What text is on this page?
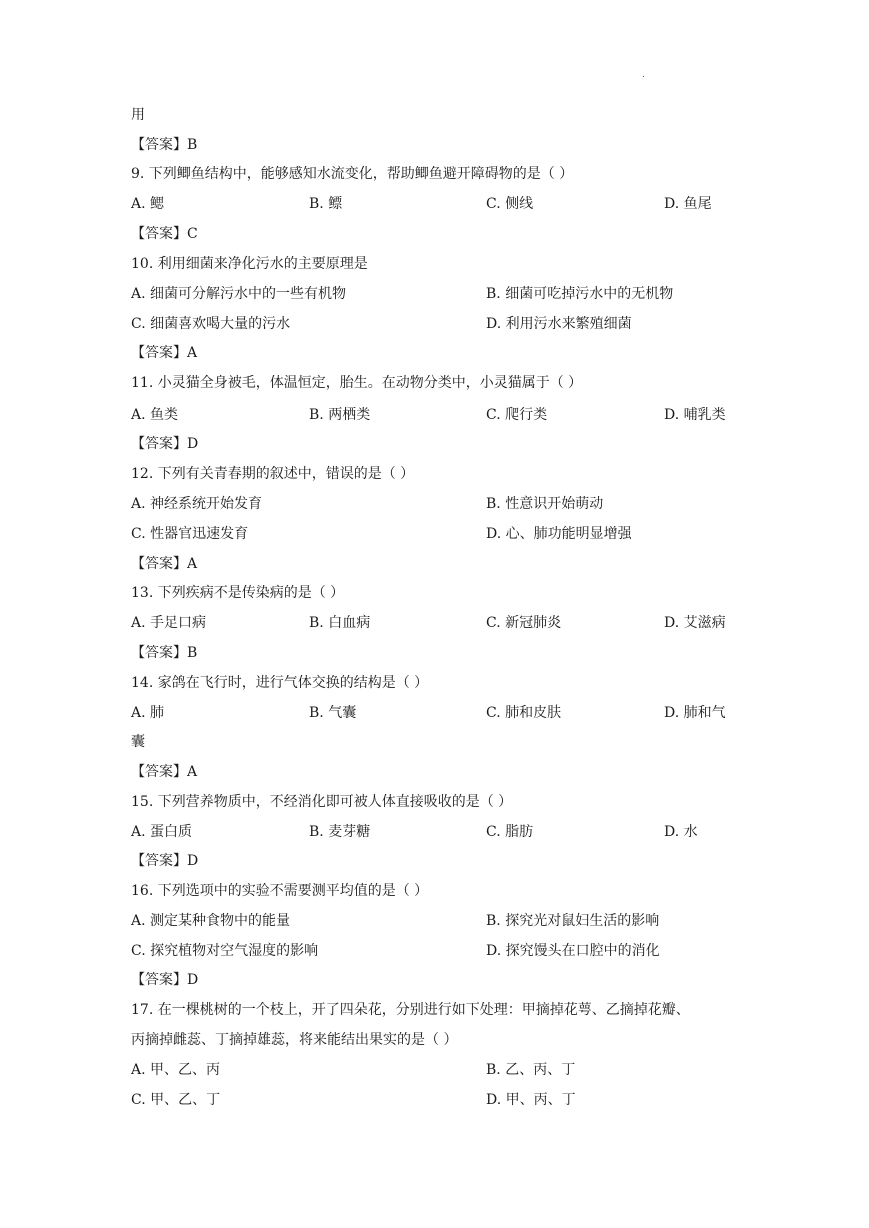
.
用
【答案】B
9. 下列鲫鱼结构中，能够感知水流变化，帮助鲫鱼避开障碍物的是（ ）
A. 鳃	B. 鳔	C. 侧线	D. 鱼尾
【答案】C
10. 利用细菌来净化污水的主要原理是
A. 细菌可分解污水中的一些有机物	B. 细菌可吃掉污水中的无机物
C. 细菌喜欢喝大量的污水	D. 利用污水来繁殖细菌
【答案】A
11. 小灵猫全身被毛，体温恒定，胎生。在动物分类中，小灵猫属于（ ）
A. 鱼类	B. 两栖类	C. 爬行类	D. 哺乳类
【答案】D
12. 下列有关青春期的叙述中，错误的是（ ）
A. 神经系统开始发育	B. 性意识开始萌动
C. 性器官迅速发育	D. 心、肺功能明显增强
【答案】A
13. 下列疾病不是传染病的是（ ）
A. 手足口病	B. 白血病	C. 新冠肺炎	D. 艾滋病
【答案】B
14. 家鸽在飞行时，进行气体交换的结构是（ ）
A. 肺	B. 气囊	C. 肺和皮肤	D. 肺和气
囊
【答案】A
15. 下列营养物质中，不经消化即可被人体直接吸收的是（ ）
A. 蛋白质	B. 麦芽糖	C. 脂肪	D. 水
【答案】D
16. 下列选项中的实验不需要测平均值的是（ ）
A. 测定某种食物中的能量	B. 探究光对鼠妇生活的影响
C. 探究植物对空气湿度的影响	D. 探究馒头在口腔中的消化
【答案】D
17. 在一棵桃树的一个枝上，开了四朵花，分别进行如下处理：甲摘掉花萼、乙摘掉花瓣、
丙摘掉雌蕊、丁摘掉雄蕊，将来能结出果实的是（ ）
A. 甲、乙、丙	B. 乙、丙、丁
C. 甲、乙、丁	D. 甲、丙、丁
